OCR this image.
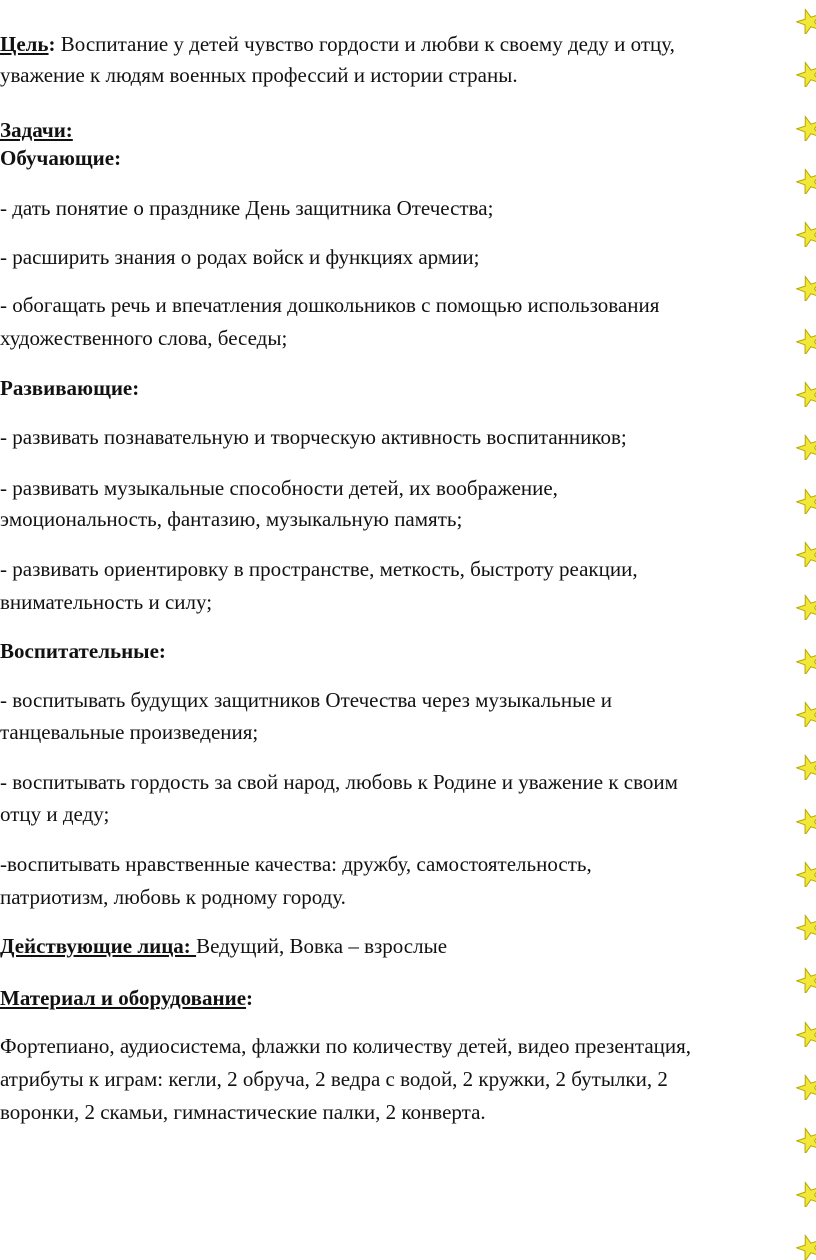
Цель: Воспитание у детей чувство гордости и любви к своему деду и отцу,
уважение к людям военных профессий и истории страны.
Задачи:
Обучающие:
- дать понятие о празднике День защитника Отечества;
- расширить знания о родах войск и функциях армии;
- обогащать речь и впечатления дошкольников с помощью использования
художественного слова, беседы;
Развивающие:
- развивать познавательную и творческую активность воспитанников;
- развивать музыкальные способности детей, их воображение,
эмоциональность, фантазию, музыкальную память;
- развивать ориентировку в пространстве, меткость, быстроту реакции,
внимательность и силу;
Воспитательные:
- воспитывать будущих защитников Отечества через музыкальные и
танцевальные произведения;
- воспитывать гордость за свой народ, любовь к Родине и уважение к своим
отцу и деду;
-воспитывать нравственные качества: дружбу, самостоятельность,
патриотизм, любовь к родному городу.
Действующие лица: Ведущий, Вовка – взрослые
Материал и оборудование:
Фортепиано, аудиосистема, флажки по количеству детей, видео презентация,
атрибуты к играм: кегли, 2 обруча, 2 ведра с водой, 2 кружки, 2 бутылки, 2
воронки, 2 скамьи, гимнастические палки, 2 конверта.
